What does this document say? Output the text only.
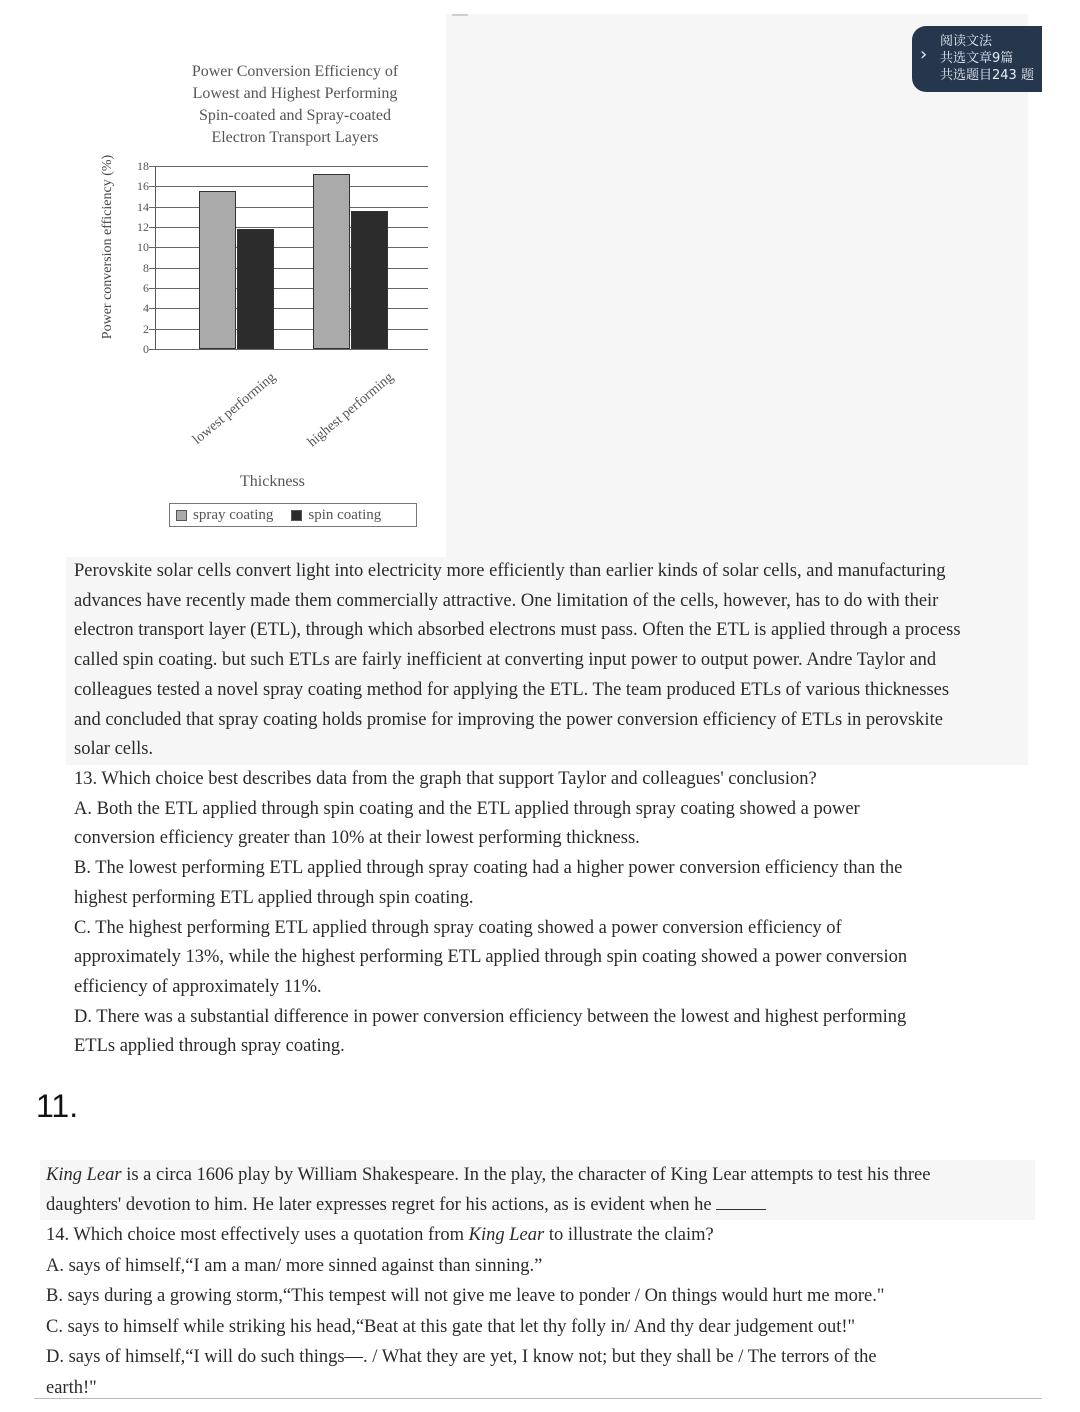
›
阅读文法
共选文章9篇
共选题目243 题
Power Conversion Efficiency of
Lowest and Highest Performing
Spin-coated and Spray-coated
Electron Transport Layers
Power conversion efficiency (%)
0
2
4
6
8
10
12
14
16
18
lowest performing highest performing
Thickness
spray coating spin coating
Perovskite solar cells convert light into electricity more efficiently than earlier kinds of solar cells, and manufacturing
advances have recently made them commercially attractive. One limitation of the cells, however, has to do with their
electron transport layer (ETL), through which absorbed electrons must pass. Often the ETL is applied through a process
called spin coating. but such ETLs are fairly inefficient at converting input power to output power. Andre Taylor and
colleagues tested a novel spray coating method for applying the ETL. The team produced ETLs of various thicknesses
and concluded that spray coating holds promise for improving the power conversion efficiency of ETLs in perovskite
solar cells.
13. Which choice best describes data from the graph that support Taylor and colleagues' conclusion?
A. Both the ETL applied through spin coating and the ETL applied through spray coating showed a power
conversion efficiency greater than 10% at their lowest performing thickness.
B. The lowest performing ETL applied through spray coating had a higher power conversion efficiency than the
highest performing ETL applied through spin coating.
C. The highest performing ETL applied through spray coating showed a power conversion efficiency of
approximately 13%, while the highest performing ETL applied through spin coating showed a power conversion
efficiency of approximately 11%.
D. There was a substantial difference in power conversion efficiency between the lowest and highest performing
ETLs applied through spray coating.
11.
King Lear is a circa 1606 play by William Shakespeare. In the play, the character of King Lear attempts to test his three
daughters' devotion to him. He later expresses regret for his actions, as is evident when he
14. Which choice most effectively uses a quotation from King Lear to illustrate the claim?
A. says of himself,“I am a man/ more sinned against than sinning.”
B. says during a growing storm,“This tempest will not give me leave to ponder / On things would hurt me more."
C. says to himself while striking his head,“Beat at this gate that let thy folly in/ And thy dear judgement out!"
D. says of himself,“I will do such things—. / What they are yet, I know not; but they shall be / The terrors of the
earth!"
